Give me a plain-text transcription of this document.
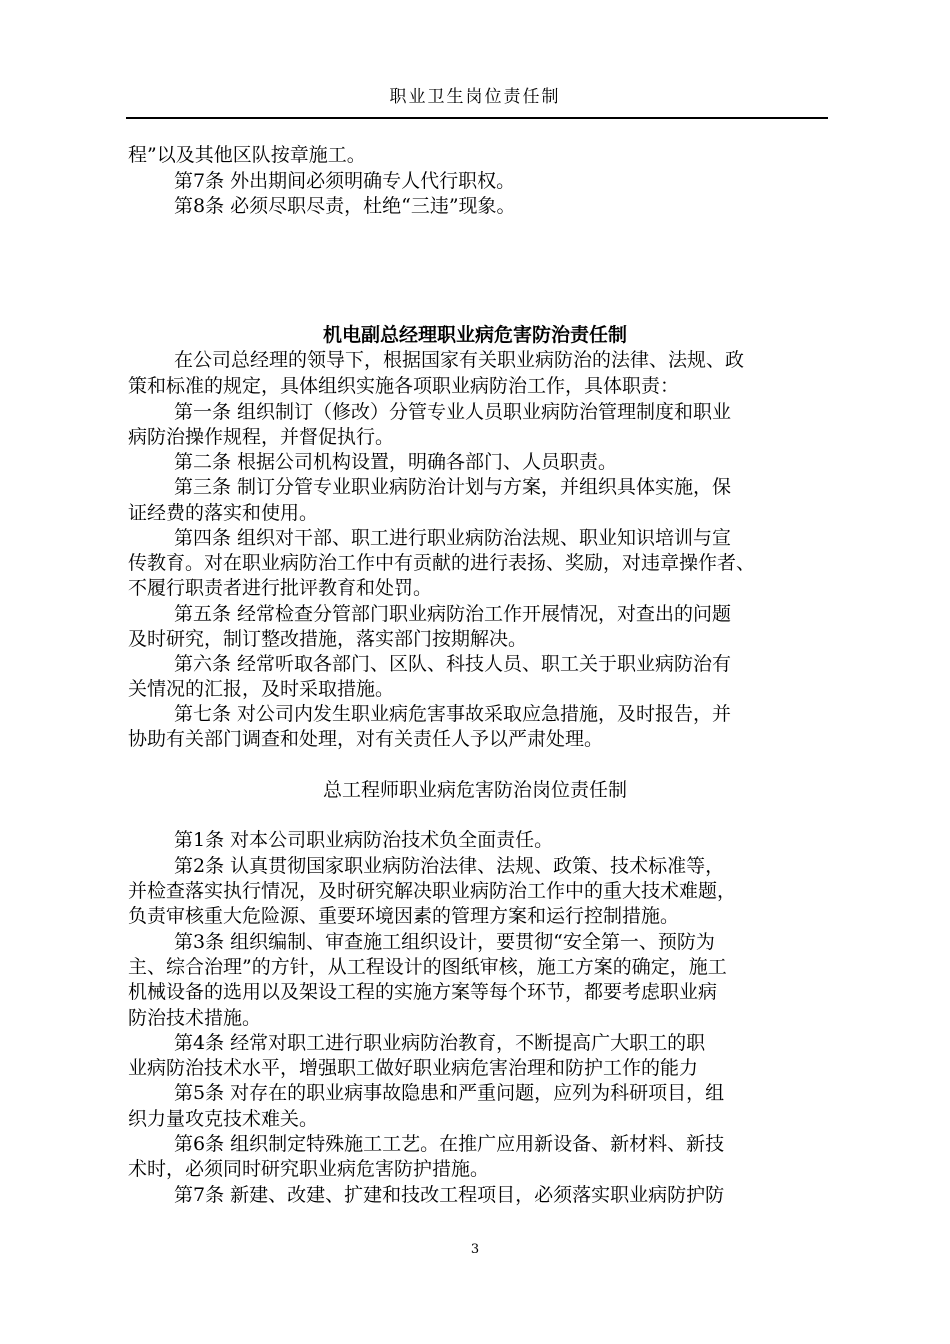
职业卫生岗位责任制
程”以及其他区队按章施工。
第7条 外出期间必须明确专人代行职权。
第8条 必须尽职尽责，杜绝“三违”现象。
机电副总经理职业病危害防治责任制
在公司总经理的领导下，根据国家有关职业病防治的法律、法规、政
策和标准的规定，具体组织实施各项职业病防治工作，具体职责：
第一条 组织制订（修改）分管专业人员职业病防治管理制度和职业
病防治操作规程，并督促执行。
第二条 根据公司机构设置，明确各部门、人员职责。
第三条 制订分管专业职业病防治计划与方案，并组织具体实施，保
证经费的落实和使用。
第四条 组织对干部、职工进行职业病防治法规、职业知识培训与宣
传教育。对在职业病防治工作中有贡献的进行表扬、奖励，对违章操作者、
不履行职责者进行批评教育和处罚。
第五条 经常检查分管部门职业病防治工作开展情况，对查出的问题
及时研究，制订整改措施，落实部门按期解决。
第六条 经常听取各部门、区队、科技人员、职工关于职业病防治有
关情况的汇报，及时采取措施。
第七条 对公司内发生职业病危害事故采取应急措施，及时报告，并
协助有关部门调查和处理，对有关责任人予以严肃处理。
总工程师职业病危害防治岗位责任制
第1条 对本公司职业病防治技术负全面责任。
第2条 认真贯彻国家职业病防治法律、法规、政策、技术标准等，
并检查落实执行情况，及时研究解决职业病防治工作中的重大技术难题，
负责审核重大危险源、重要环境因素的管理方案和运行控制措施。
第3条 组织编制、审查施工组织设计，要贯彻“安全第一、预防为
主、综合治理”的方针，从工程设计的图纸审核，施工方案的确定，施工
机械设备的选用以及架设工程的实施方案等每个环节，都要考虑职业病
防治技术措施。
第4条 经常对职工进行职业病防治教育，不断提高广大职工的职
业病防治技术水平，增强职工做好职业病危害治理和防护工作的能力
第5条 对存在的职业病事故隐患和严重问题，应列为科研项目，组
织力量攻克技术难关。
第6条 组织制定特殊施工工艺。在推广应用新设备、新材料、新技
术时，必须同时研究职业病危害防护措施。
第7条 新建、改建、扩建和技改工程项目，必须落实职业病防护防
3
